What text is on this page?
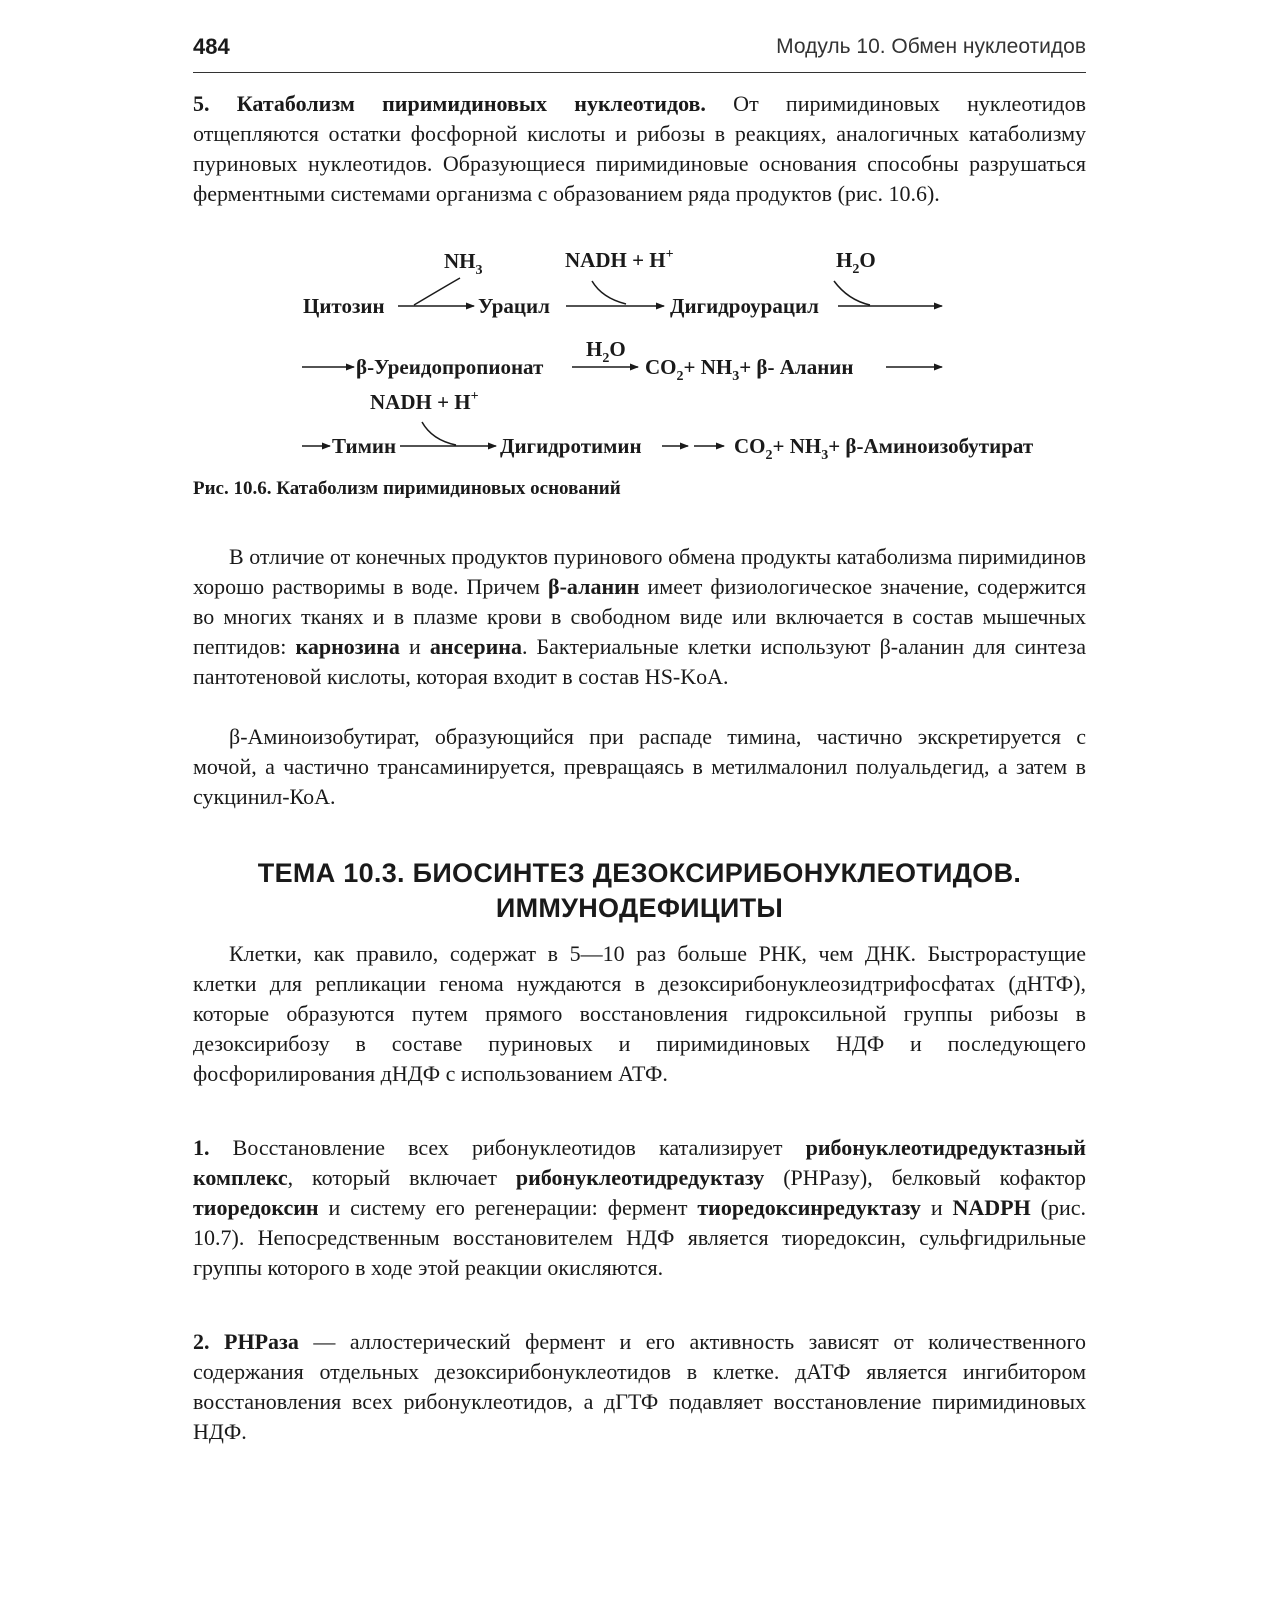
484	Модуль 10. Обмен нуклеотидов

5. Катаболизм пиримидиновых нуклеотидов. От пиримидиновых нуклеотидов отщепляются остатки фосфорной кислоты и рибозы в реакциях, аналогичных катаболизму пуриновых нуклеотидов. Образующиеся пиримидиновые основания способны разрушаться ферментными системами организма с образованием ряда продуктов (рис. 10.6).

Цитозин
$NH_3$
Урацил
NADH + H+
Дигидроурацил
$H_2O$
β-Уреидопропионат
$H_2O$
$CO_2+ NH_3+ \beta-$ Аланин
NADH + H+
Тимин	Дигидротимин	$CO_2+ NH_3+$ β-Аминоизобутират

Рис. 10.6. Катаболизм пиримидиновых оснований

В отличие от конечных продуктов пуринового обмена продукты катаболизма пиримидинов хорошо растворимы в воде. Причем β-аланин имеет физиологическое значение, содержится во многих тканях и в плазме крови в свободном виде или включается в состав мышечных пептидов: карнозина и ансерина. Бактериальные клетки используют β-аланин для синтеза пантотеновой кислоты, которая входит в состав HS-KoA.

β-Аминоизобутират, образующийся при распаде тимина, частично экскретируется с мочой, а частично трансаминируется, превращаясь в метилмалонил полуальдегид, а затем в сукцинил-КоА.

ТЕМА 10.3. БИОСИНТЕЗ ДЕЗОКСИРИБОНУКЛЕОТИДОВ.
ИММУНОДЕФИЦИТЫ

Клетки, как правило, содержат в 5—10 раз больше РНК, чем ДНК. Быстрорастущие клетки для репликации генома нуждаются в дезоксирибонуклеозидтрифосфатах (дНТФ), которые образуются путем прямого восстановления гидроксильной группы рибозы в дезоксирибозу в составе пуриновых и пиримидиновых НДФ и последующего фосфорилирования дНДФ с использованием АТФ.

1. Восстановление всех рибонуклеотидов катализирует рибонуклеотидредуктазный комплекс, который включает рибонуклеотидредуктазу (РНРазу), белковый кофактор тиоредоксин и систему его регенерации: фермент тиоредоксинредуктазу и NADPH (рис. 10.7). Непосредственным восстановителем НДФ является тиоредоксин, сульфгидрильные группы которого в ходе этой реакции окисляются.

2. РНРаза — аллостерический фермент и его активность зависят от количественного содержания отдельных дезоксирибонуклеотидов в клетке. дАТФ является ингибитором восстановления всех рибонуклеотидов, а дГТФ подавляет восстановление пиримидиновых НДФ.
